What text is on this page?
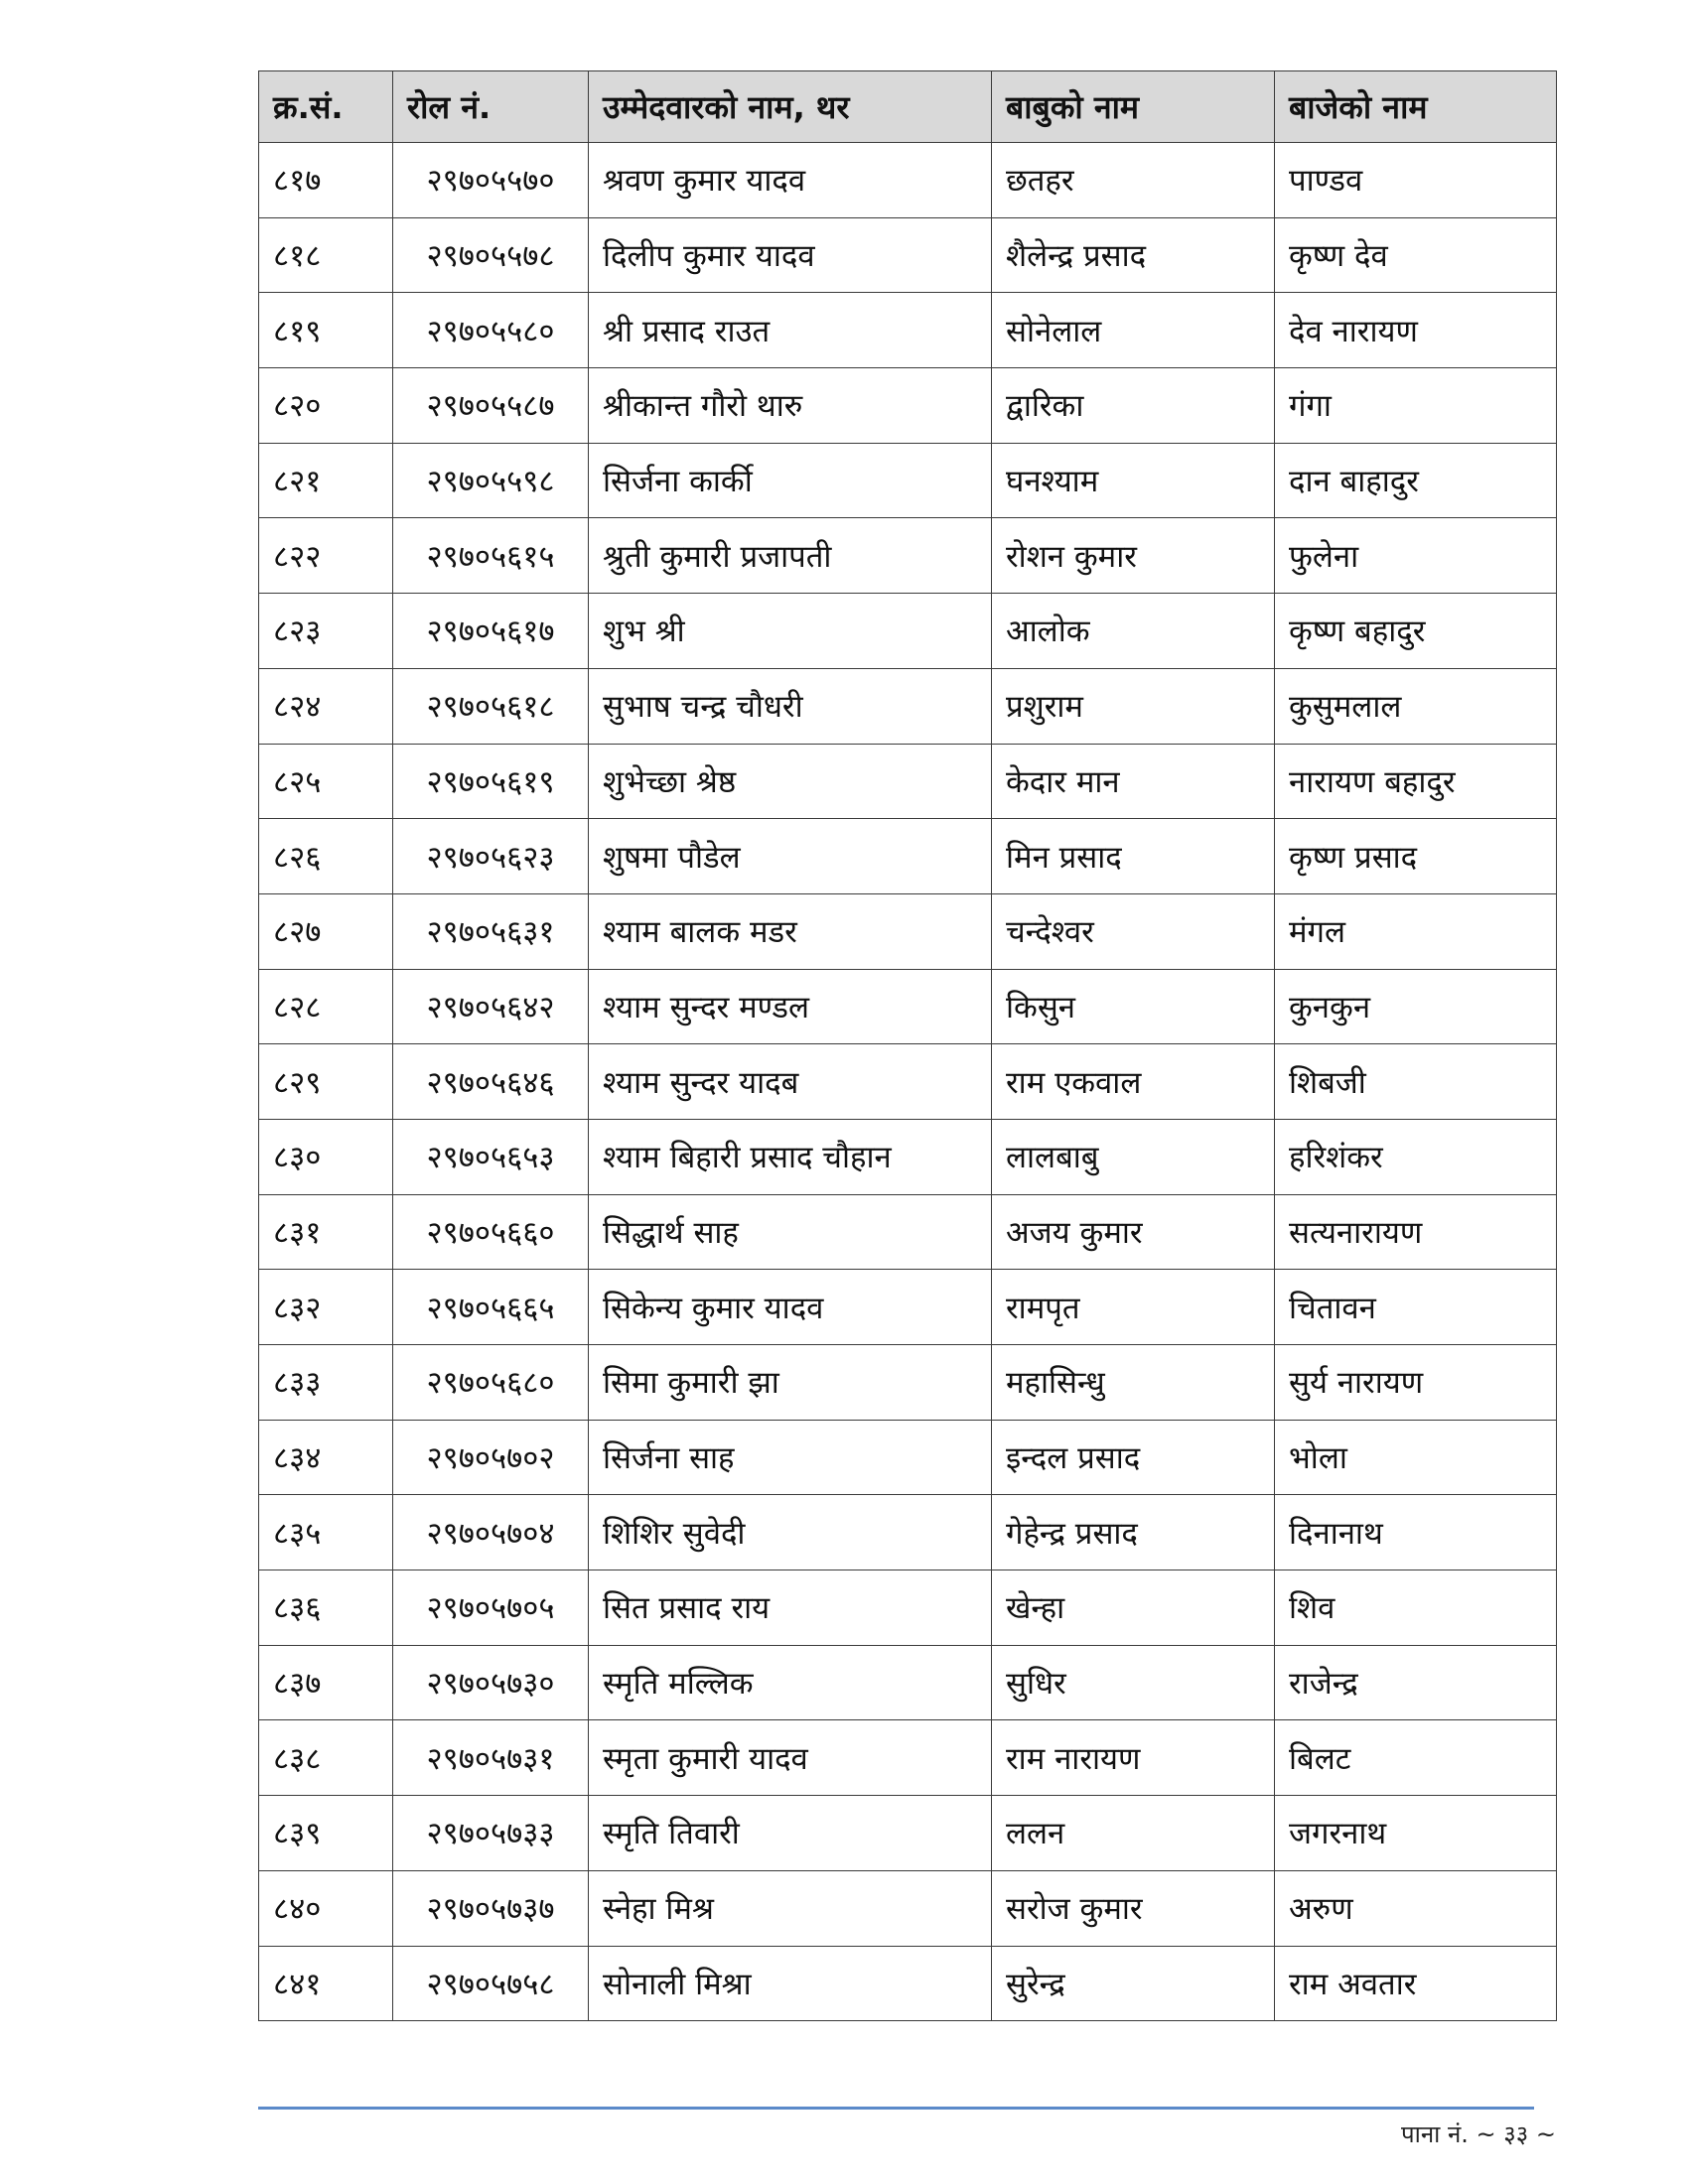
क्र.सं.	रोल नं.	उम्मेदवारको नाम, थर	बाबुको नाम	बाजेको नाम
८१७	२९७०५५७०	श्रवण कुमार यादव	छतहर	पाण्डव
८१८	२९७०५५७८	दिलीप कुमार यादव	शैलेन्द्र प्रसाद	कृष्ण देव
८१९	२९७०५५८०	श्री प्रसाद राउत	सोनेलाल	देव नारायण
८२०	२९७०५५८७	श्रीकान्त गौरो थारु	द्वारिका	गंगा
८२१	२९७०५५९८	सिर्जना कार्की	घनश्याम	दान बाहादुर
८२२	२९७०५६१५	श्रुती कुमारी प्रजापती	रोशन कुमार	फुलेना
८२३	२९७०५६१७	शुभ श्री	आलोक	कृष्ण बहादुर
८२४	२९७०५६१८	सुभाष चन्द्र चौधरी	प्रशुराम	कुसुमलाल
८२५	२९७०५६१९	शुभेच्छा श्रेष्ठ	केदार मान	नारायण बहादुर
८२६	२९७०५६२३	शुषमा पौडेल	मिन प्रसाद	कृष्ण प्रसाद
८२७	२९७०५६३१	श्याम बालक मडर	चन्देश्वर	मंगल
८२८	२९७०५६४२	श्याम सुन्दर मण्डल	किसुन	कुनकुन
८२९	२९७०५६४६	श्याम सुन्दर यादब	राम एकवाल	शिबजी
८३०	२९७०५६५३	श्याम बिहारी प्रसाद चौहान	लालबाबु	हरिशंकर
८३१	२९७०५६६०	सिद्धार्थ साह	अजय कुमार	सत्यनारायण
८३२	२९७०५६६५	सिकेन्य कुमार यादव	रामपृत	चितावन
८३३	२९७०५६८०	सिमा कुमारी झा	महासिन्धु	सुर्य नारायण
८३४	२९७०५७०२	सिर्जना साह	इन्दल प्रसाद	भोला
८३५	२९७०५७०४	शिशिर सुवेदी	गेहेन्द्र प्रसाद	दिनानाथ
८३६	२९७०५७०५	सित प्रसाद राय	खेन्हा	शिव
८३७	२९७०५७३०	स्मृति मल्लिक	सुधिर	राजेन्द्र
८३८	२९७०५७३१	स्मृता कुमारी यादव	राम नारायण	बिलट
८३९	२९७०५७३३	स्मृति तिवारी	ललन	जगरनाथ
८४०	२९७०५७३७	स्नेहा मिश्र	सरोज कुमार	अरुण
८४१	२९७०५७५८	सोनाली मिश्रा	सुरेन्द्र	राम अवतार
पाना नं. ~ ३३ ~
